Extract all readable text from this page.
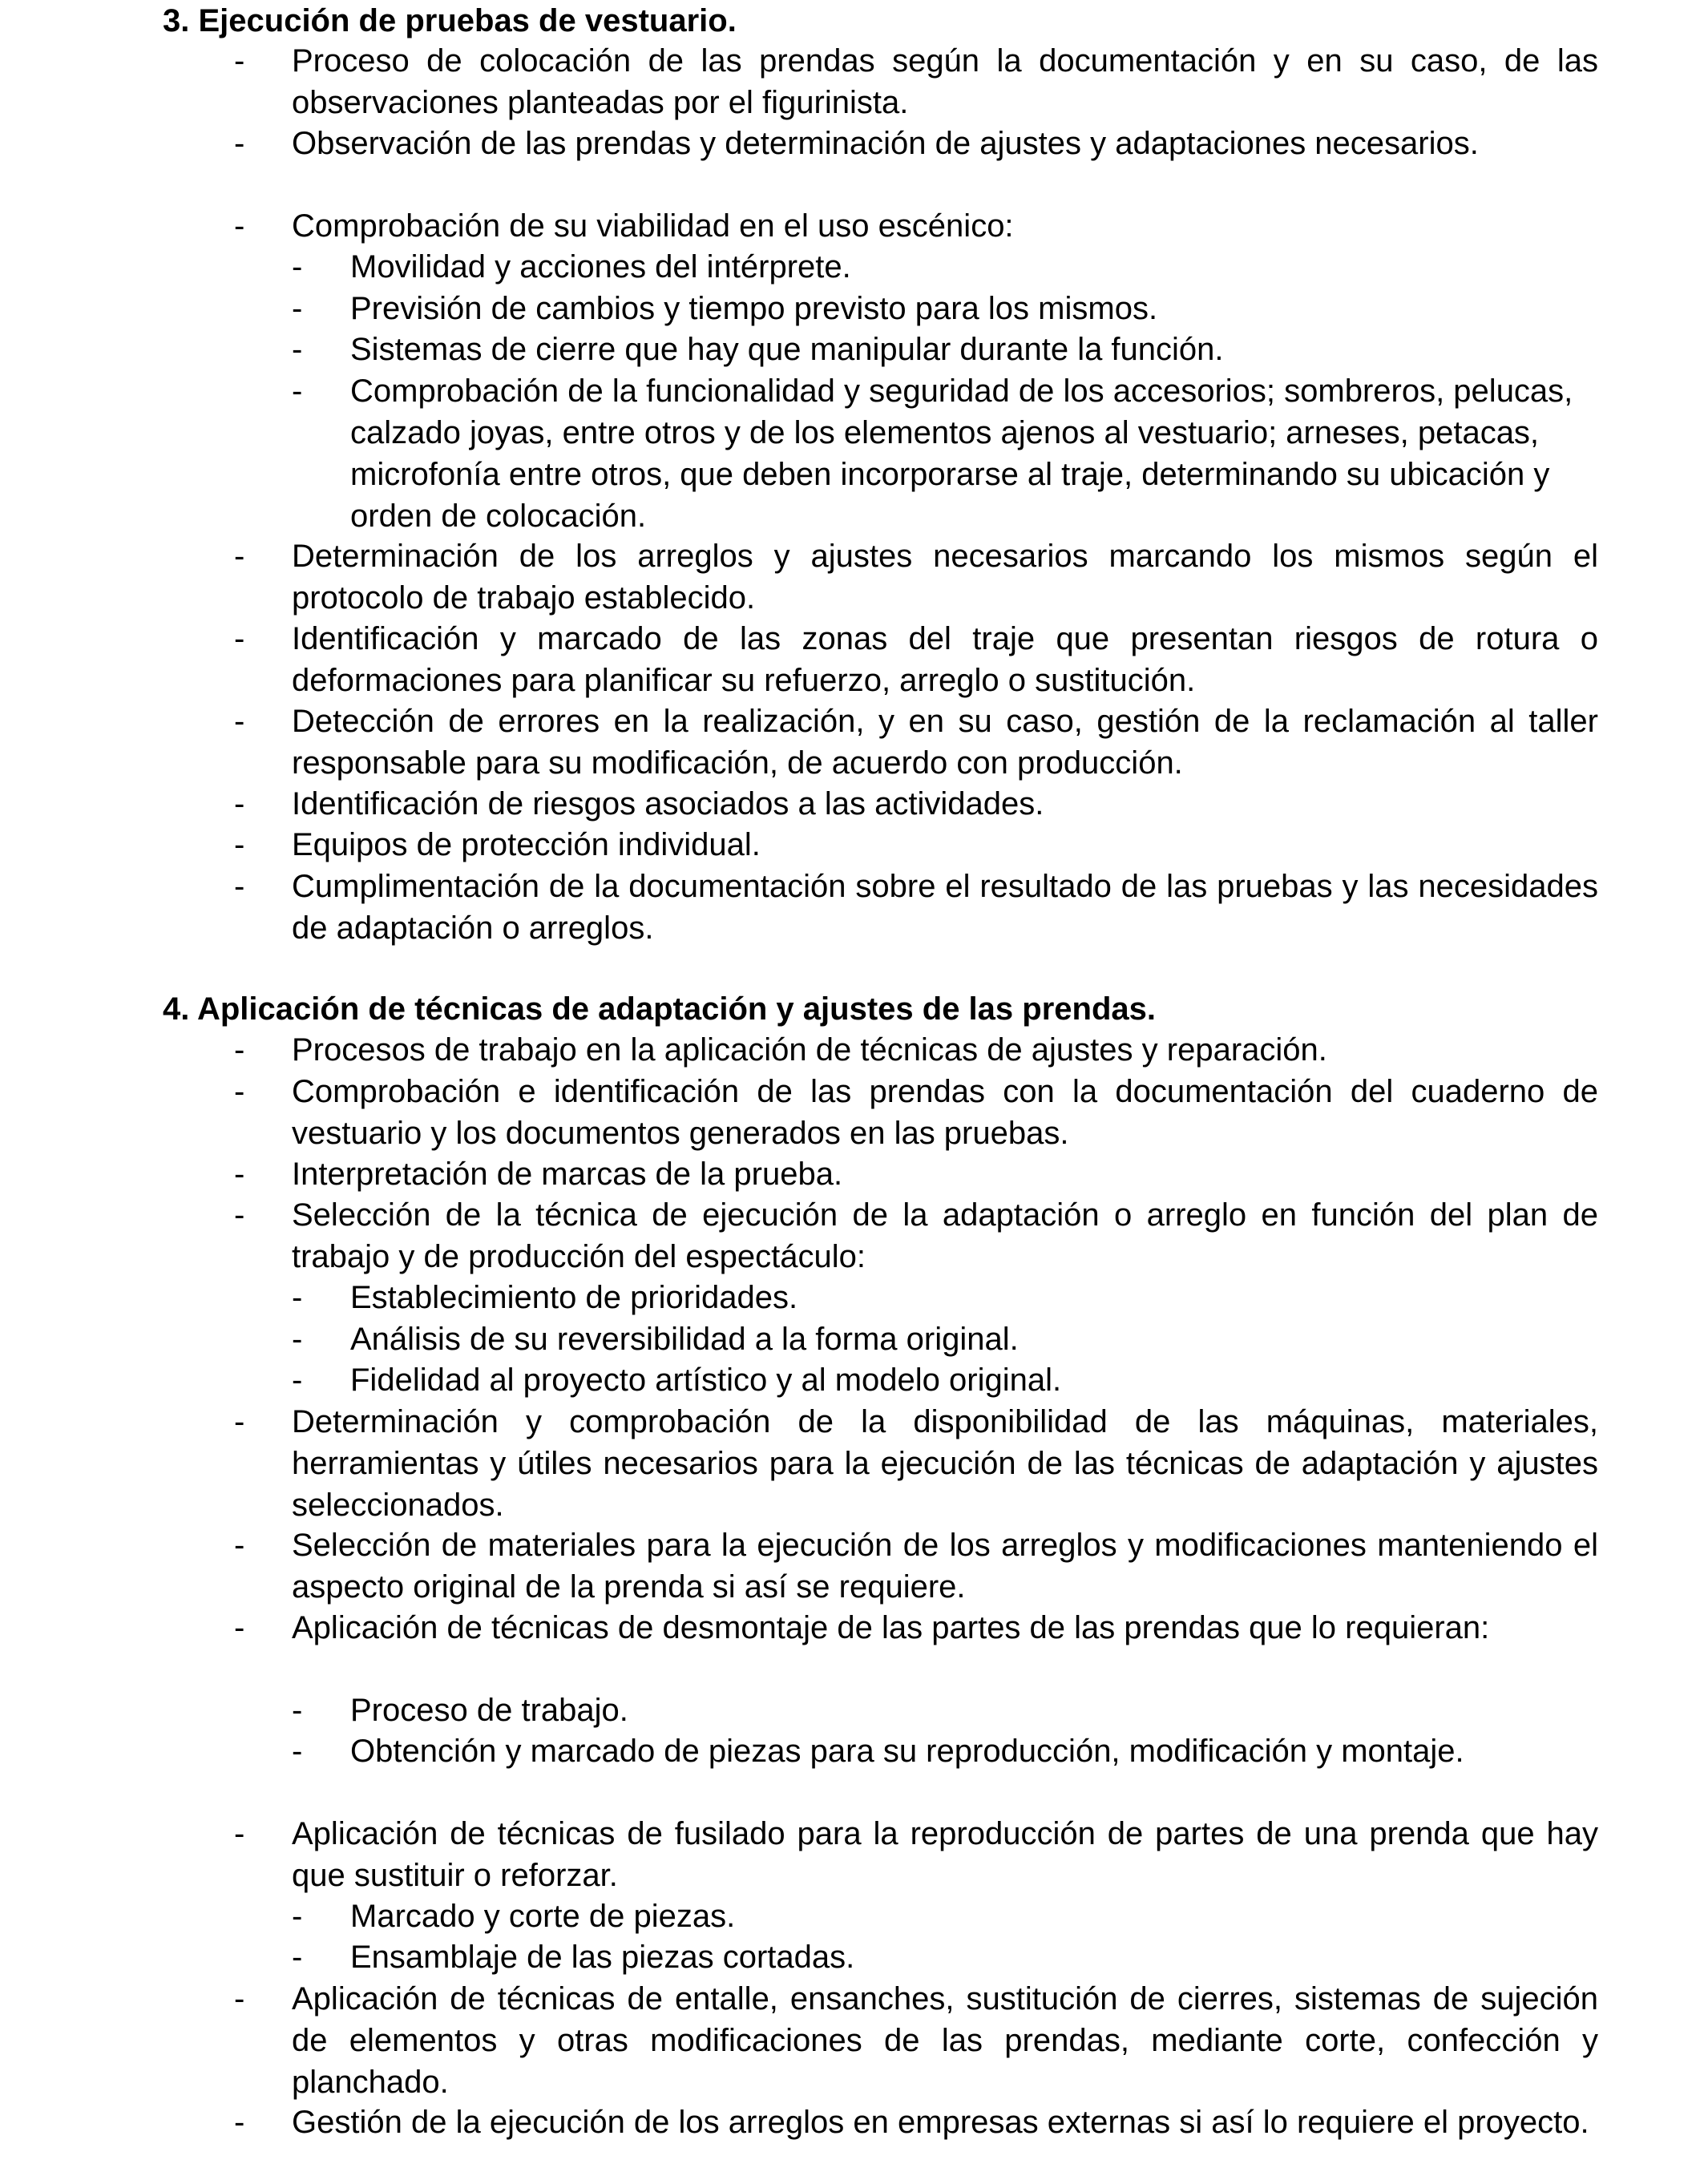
3. Ejecución de pruebas de vestuario.
- Proceso de colocación de las prendas según la documentación y en su caso, de las observaciones planteadas por el figurinista.
- Observación de las prendas y determinación de ajustes y adaptaciones necesarios.
- Comprobación de su viabilidad en el uso escénico:
- Movilidad y acciones del intérprete.
- Previsión de cambios y tiempo previsto para los mismos.
- Sistemas de cierre que hay que manipular durante la función.
- Comprobación de la funcionalidad y seguridad de los accesorios; sombreros, pelucas, calzado joyas, entre otros y de los elementos ajenos al vestuario; arneses, petacas, microfonía entre otros, que deben incorporarse al traje, determinando su ubicación y orden de colocación.
- Determinación de los arreglos y ajustes necesarios marcando los mismos según el protocolo de trabajo establecido.
- Identificación y marcado de las zonas del traje que presentan riesgos de rotura o deformaciones para planificar su refuerzo, arreglo o sustitución.
- Detección de errores en la realización, y en su caso, gestión de la reclamación al taller responsable para su modificación, de acuerdo con producción.
- Identificación de riesgos asociados a las actividades.
- Equipos de protección individual.
- Cumplimentación de la documentación sobre el resultado de las pruebas y las necesidades de adaptación o arreglos.
4. Aplicación de técnicas de adaptación y ajustes de las prendas.
- Procesos de trabajo en la aplicación de técnicas de ajustes y reparación.
- Comprobación e identificación de las prendas con la documentación del cuaderno de vestuario y los documentos generados en las pruebas.
- Interpretación de marcas de la prueba.
- Selección de la técnica de ejecución de la adaptación o arreglo en función del plan de trabajo y de producción del espectáculo:
- Establecimiento de prioridades.
- Análisis de su reversibilidad a la forma original.
- Fidelidad al proyecto artístico y al modelo original.
- Determinación y comprobación de la disponibilidad de las máquinas, materiales, herramientas y útiles necesarios para la ejecución de las técnicas de adaptación y ajustes seleccionados.
- Selección de materiales para la ejecución de los arreglos y modificaciones manteniendo el aspecto original de la prenda si así se requiere.
- Aplicación de técnicas de desmontaje de las partes de las prendas que lo requieran:
- Proceso de trabajo.
- Obtención y marcado de piezas para su reproducción, modificación y montaje.
- Aplicación de técnicas de fusilado para la reproducción de partes de una prenda que hay que sustituir o reforzar.
- Marcado y corte de piezas.
- Ensamblaje de las piezas cortadas.
- Aplicación de técnicas de entalle, ensanches, sustitución de cierres, sistemas de sujeción de elementos y otras modificaciones de las prendas, mediante corte, confección y planchado.
- Gestión de la ejecución de los arreglos en empresas externas si así lo requiere el proyecto.
